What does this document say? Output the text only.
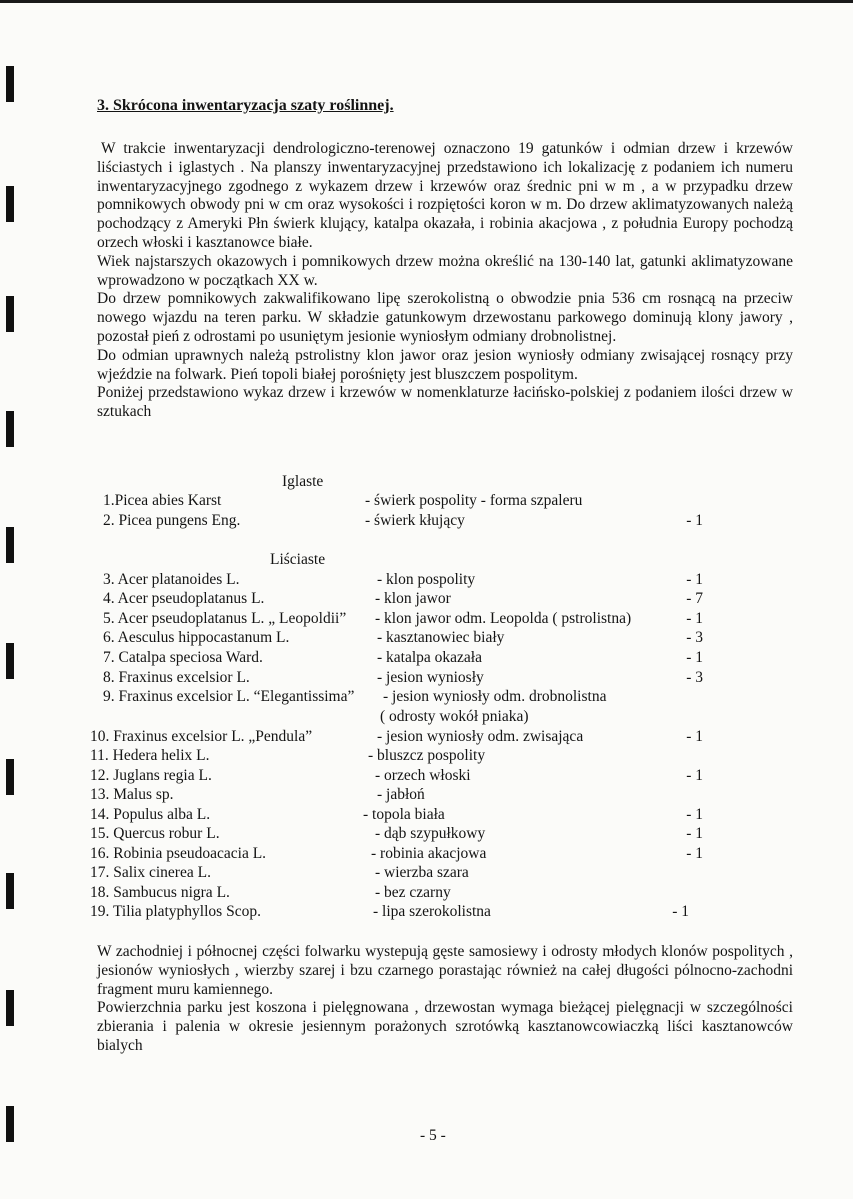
3. Skrócona inwentaryzacja szaty roślinnej.

W trakcie inwentaryzacji dendrologiczno-terenowej oznaczono 19 gatunków i odmian drzew i krzewów liściastych i iglastych . Na planszy inwentaryzacyjnej przedstawiono ich lokalizację z podaniem ich numeru inwentaryzacyjnego zgodnego z wykazem drzew i krzewów oraz średnic pni w m , a w przypadku drzew pomnikowych obwody pni w cm oraz wysokości i rozpiętości koron w m. Do drzew aklimatyzowanych należą pochodzący z Ameryki Płn świerk klujący, katalpa okazała, i robinia akacjowa , z południa Europy pochodzą orzech włoski i kasztanowce białe.

Wiek najstarszych okazowych i pomnikowych drzew można określić na 130-140 lat, gatunki aklimatyzowane wprowadzono w początkach XX w.

Do drzew pomnikowych zakwalifikowano lipę szerokolistną o obwodzie pnia 536 cm rosnącą na przeciw nowego wjazdu na teren parku. W składzie gatunkowym drzewostanu parkowego dominują klony jawory , pozostał pień z odrostami po usuniętym jesionie wyniosłym odmiany drobnolistnej.

Do odmian uprawnych należą pstrolistny klon jawor oraz jesion wyniosły odmiany zwisającej rosnący przy wjeździe na folwark. Pień topoli białej porośnięty jest bluszczem pospolitym.

Poniżej przedstawiono wykaz drzew i krzewów w nomenklaturze łacińsko-polskiej z podaniem ilości drzew w sztukach

Iglaste
1.Picea abies Karst	- świerk pospolity - forma szpaleru
2. Picea pungens Eng.	- świerk kłujący	- 1
Liściaste
3. Acer platanoides L.	- klon pospolity	- 1
4. Acer pseudoplatanus L.	- klon jawor	- 7
5. Acer pseudoplatanus L. „ Leopoldii” - klon jawor odm. Leopolda ( pstrolistna)	- 1
6. Aesculus hippocastanum L.	- kasztanowiec biały	- 3
7. Catalpa speciosa Ward.	- katalpa okazała	- 1
8. Fraxinus excelsior L.	- jesion wyniosły	- 3
9. Fraxinus excelsior L. “Elegantissima” - jesion wyniosły odm. drobnolistna
( odrosty wokół pniaka)
10. Fraxinus excelsior L. „Pendula”	- jesion wyniosły odm. zwisająca	- 1
11. Hedera helix L.	- bluszcz pospolity
12. Juglans regia L.	- orzech włoski	- 1
13. Malus sp.	- jabłoń
14. Populus alba L.	- topola biała	- 1
15. Quercus robur L.	- dąb szypułkowy	- 1
16. Robinia pseudoacacia L.	- robinia akacjowa	- 1
17. Salix cinerea L.	- wierzba szara
18. Sambucus nigra L.	- bez czarny
19. Tilia platyphyllos Scop.	- lipa szerokolistna	- 1

W zachodniej i północnej części folwarku wystepują gęste samosiewy i odrosty młodych klonów pospolitych , jesionów wyniosłych , wierzby szarej i bzu czarnego porastając również na całej długości pólnocno-zachodni fragment muru kamiennego.

Powierzchnia parku jest koszona i pielęgnowana , drzewostan wymaga bieżącej pielęgnacji w szczególności zbierania i palenia w okresie jesiennym porażonych szrotówką kasztanowcowiaczką liści kasztanowców bialych

- 5 -
